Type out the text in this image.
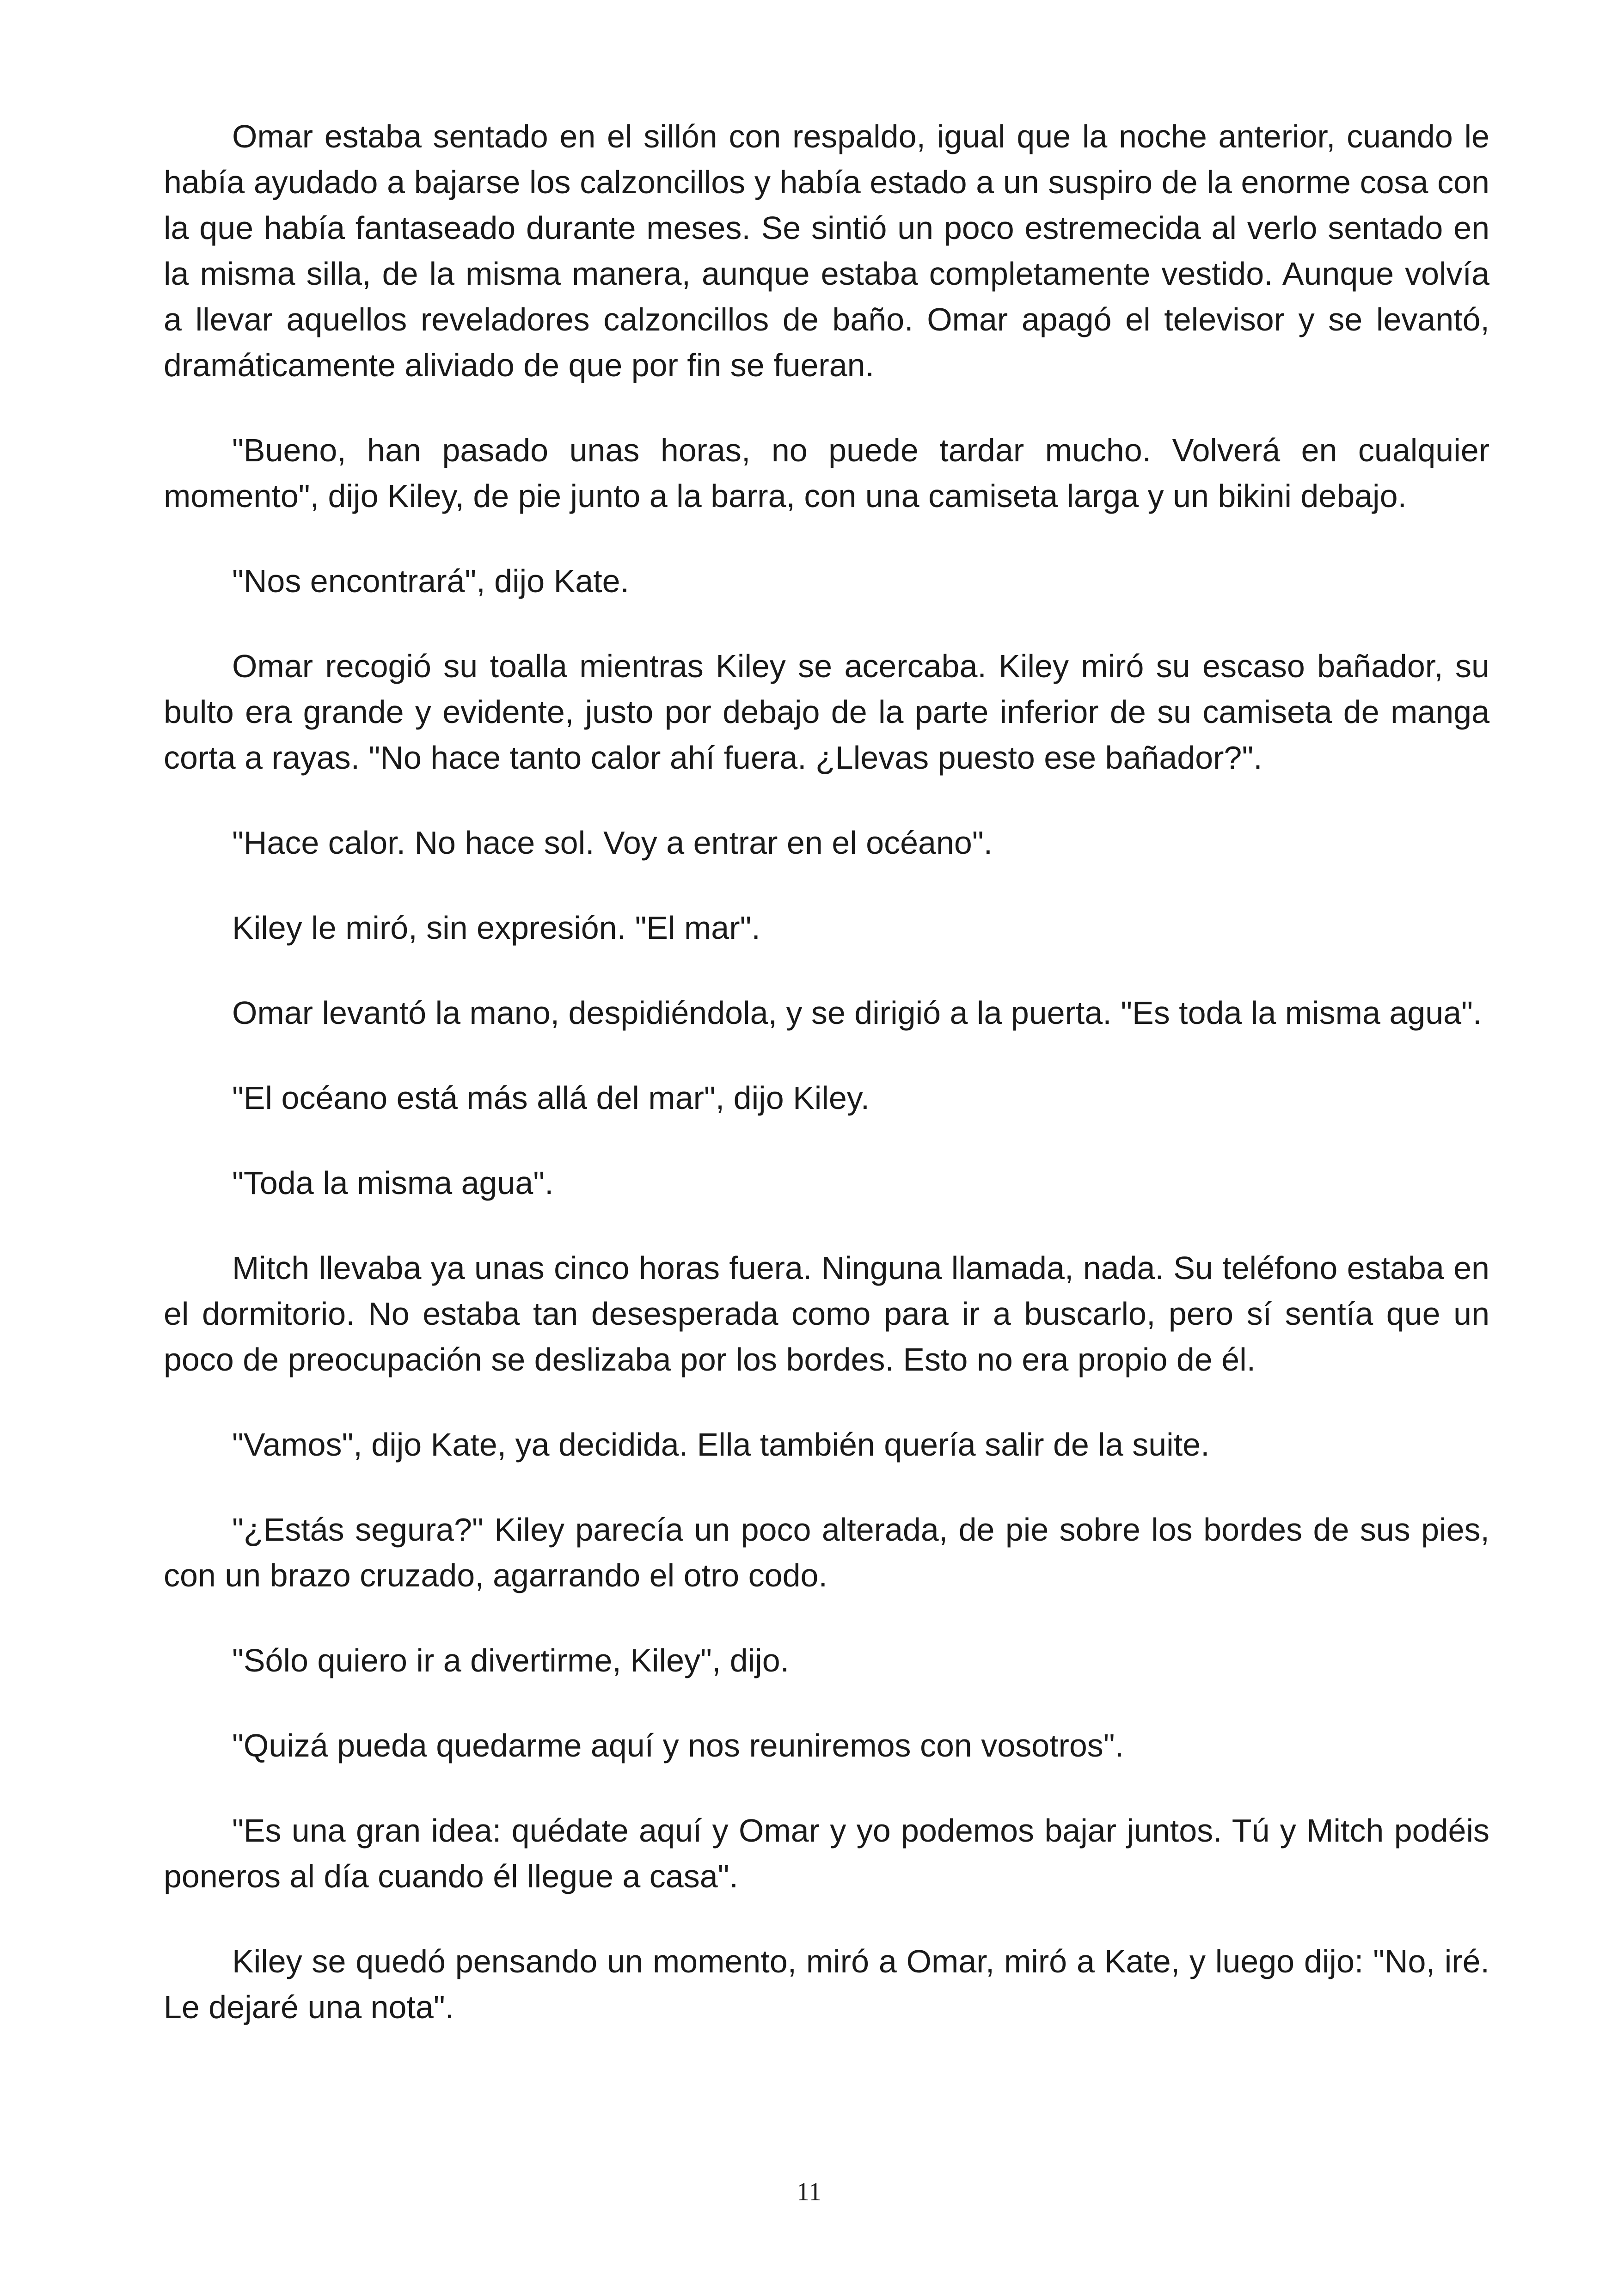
Omar estaba sentado en el sillón con respaldo, igual que la noche anterior, cuando le había ayudado a bajarse los calzoncillos y había estado a un suspiro de la enorme cosa con la que había fantaseado durante meses. Se sintió un poco estremecida al verlo sentado en la misma silla, de la misma manera, aunque estaba completamente vestido. Aunque volvía a llevar aquellos reveladores calzoncillos de baño. Omar apagó el televisor y se levantó, dramáticamente aliviado de que por fin se fueran.

"Bueno, han pasado unas horas, no puede tardar mucho. Volverá en cualquier momento", dijo Kiley, de pie junto a la barra, con una camiseta larga y un bikini debajo.

"Nos encontrará", dijo Kate.

Omar recogió su toalla mientras Kiley se acercaba. Kiley miró su escaso bañador, su bulto era grande y evidente, justo por debajo de la parte inferior de su camiseta de manga corta a rayas. "No hace tanto calor ahí fuera. ¿Llevas puesto ese bañador?".

"Hace calor. No hace sol. Voy a entrar en el océano".

Kiley le miró, sin expresión. "El mar".

Omar levantó la mano, despidiéndola, y se dirigió a la puerta. "Es toda la misma agua".

"El océano está más allá del mar", dijo Kiley.

"Toda la misma agua".

Mitch llevaba ya unas cinco horas fuera. Ninguna llamada, nada. Su teléfono estaba en el dormitorio. No estaba tan desesperada como para ir a buscarlo, pero sí sentía que un poco de preocupación se deslizaba por los bordes. Esto no era propio de él.

"Vamos", dijo Kate, ya decidida. Ella también quería salir de la suite.

"¿Estás segura?" Kiley parecía un poco alterada, de pie sobre los bordes de sus pies, con un brazo cruzado, agarrando el otro codo.

"Sólo quiero ir a divertirme, Kiley", dijo.

"Quizá pueda quedarme aquí y nos reuniremos con vosotros".

"Es una gran idea: quédate aquí y Omar y yo podemos bajar juntos. Tú y Mitch podéis poneros al día cuando él llegue a casa".

Kiley se quedó pensando un momento, miró a Omar, miró a Kate, y luego dijo: "No, iré. Le dejaré una nota".

11
